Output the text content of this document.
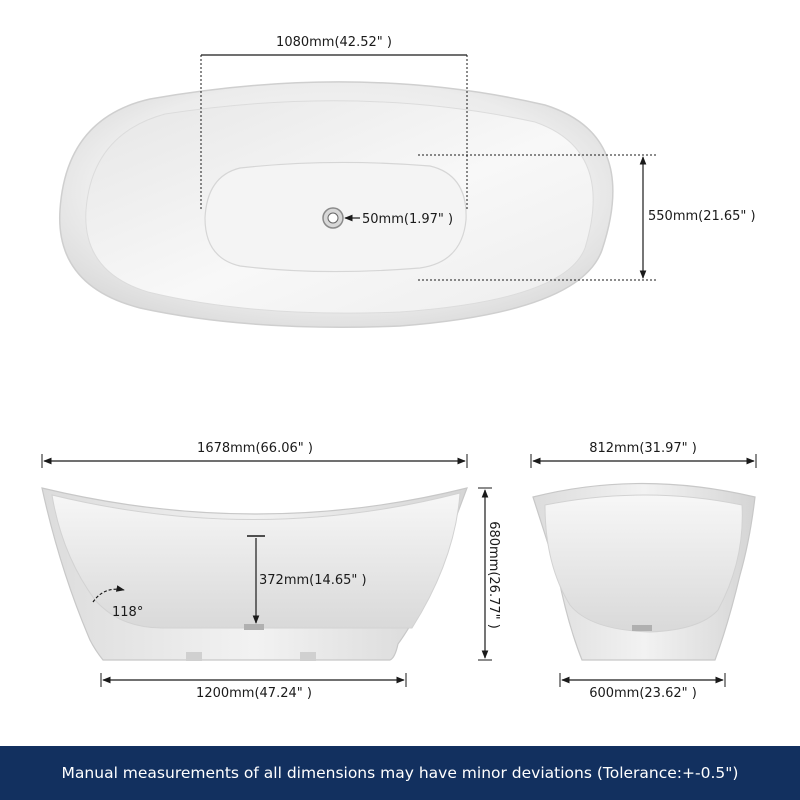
1080mm(42.52" )
50mm(1.97" )	550mm(21.65" )
1678mm(66.06" )
372mm(14.65" )	680mm(26.77" )
118°
1200mm(47.24" )
812mm(31.97" )
600mm(23.62" )
Manual measurements of all dimensions may have minor deviations (Tolerance:+-0.5")
